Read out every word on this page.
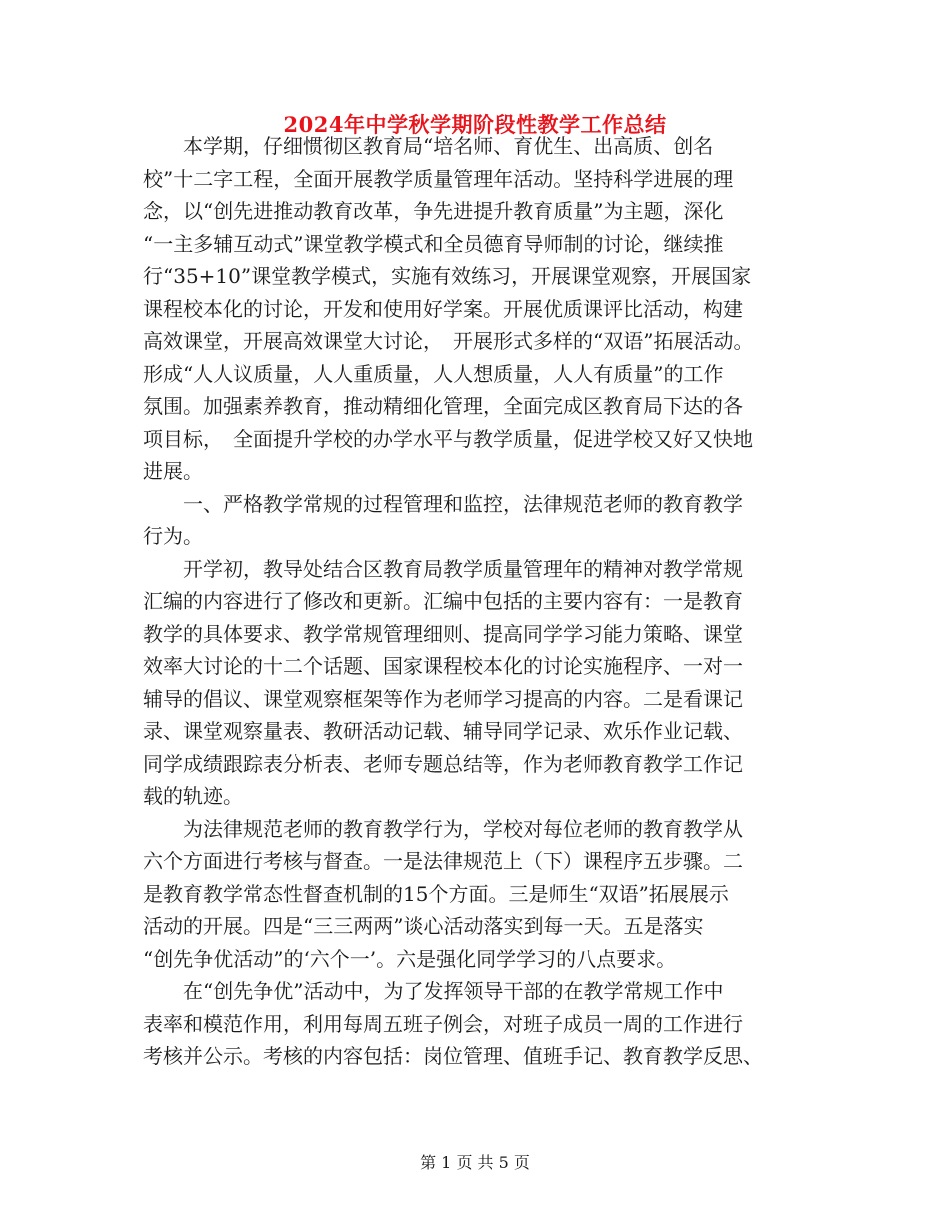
2024年中学秋学期阶段性教学工作总结
　　本学期，仔细惯彻区教育局“培名师、育优生、出高质、创名
校”十二字工程，全面开展教学质量管理年活动。坚持科学进展的理
念，以“创先进推动教育改革，争先进提升教育质量”为主题，深化
“一主多辅互动式”课堂教学模式和全员德育导师制的讨论，继续推
行“35+10”课堂教学模式，实施有效练习，开展课堂观察，开展国家
课程校本化的讨论，开发和使用好学案。开展优质课评比活动，构建
高效课堂，开展高效课堂大讨论，　开展形式多样的“双语”拓展活动。
形成“人人议质量，人人重质量，人人想质量，人人有质量”的工作
氛围。加强素养教育，推动精细化管理，全面完成区教育局下达的各
项目标，　全面提升学校的办学水平与教学质量，促进学校又好又快地
进展。
　　一、严格教学常规的过程管理和监控，法律规范老师的教育教学
行为。
　　开学初，教导处结合区教育局教学质量管理年的精神对教学常规
汇编的内容进行了修改和更新。汇编中包括的主要内容有：一是教育
教学的具体要求、教学常规管理细则、提高同学学习能力策略、课堂
效率大讨论的十二个话题、国家课程校本化的讨论实施程序、一对一
辅导的倡议、课堂观察框架等作为老师学习提高的内容。二是看课记
录、课堂观察量表、教研活动记载、辅导同学记录、欢乐作业记载、
同学成绩跟踪表分析表、老师专题总结等，作为老师教育教学工作记
载的轨迹。
　　为法律规范老师的教育教学行为，学校对每位老师的教育教学从
六个方面进行考核与督查。一是法律规范上（下）课程序五步骤。二
是教育教学常态性督查机制的15个方面。三是师生“双语”拓展展示
活动的开展。四是“三三两两”谈心活动落实到每一天。五是落实
“创先争优活动”的‘六个一’。六是强化同学学习的八点要求。
　　在“创先争优”活动中，为了发挥领导干部的在教学常规工作中
表率和模范作用，利用每周五班子例会，对班子成员一周的工作进行
考核并公示。考核的内容包括：岗位管理、值班手记、教育教学反思、
第 1 页 共 5 页
